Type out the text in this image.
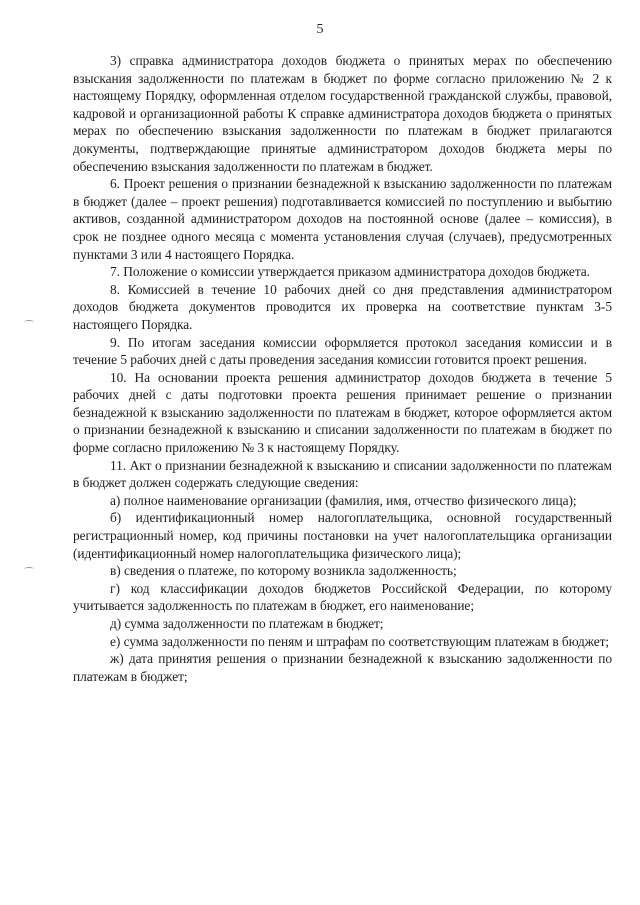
5

3) справка администратора доходов бюджета о принятых мерах по обеспечению взыскания задолженности по платежам в бюджет по форме согласно приложению № 2 к настоящему Порядку, оформленная отделом государственной гражданской службы, правовой, кадровой и организационной работы К справке администратора доходов бюджета о принятых мерах по обеспечению взыскания задолженности по платежам в бюджет прилагаются документы, подтверждающие принятые администратором доходов бюджета меры по обеспечению взыскания задолженности по платежам в бюджет.

6. Проект решения о признании безнадежной к взысканию задолженности по платежам в бюджет (далее – проект решения) подготавливается комиссией по поступлению и выбытию активов, созданной администратором доходов на постоянной основе (далее – комиссия), в срок не позднее одного месяца с момента установления случая (случаев), предусмотренных пунктами 3 или 4 настоящего Порядка.

7. Положение о комиссии утверждается приказом администратора доходов бюджета.

8. Комиссией в течение 10 рабочих дней со дня представления администратором доходов бюджета документов проводится их проверка на соответствие пунктам 3-5 настоящего Порядка.

9. По итогам заседания комиссии оформляется протокол заседания комиссии и в течение 5 рабочих дней с даты проведения заседания комиссии готовится проект решения.

10. На основании проекта решения администратор доходов бюджета в течение 5 рабочих дней с даты подготовки проекта решения принимает решение о признании безнадежной к взысканию задолженности по платежам в бюджет, которое оформляется актом о признании безнадежной к взысканию и списании задолженности по платежам в бюджет по форме согласно приложению № 3 к настоящему Порядку.

11. Акт о признании безнадежной к взысканию и списании задолженности по платежам в бюджет должен содержать следующие сведения:

а) полное наименование организации (фамилия, имя, отчество физического лица);

б) идентификационный номер налогоплательщика, основной государственный регистрационный номер, код причины постановки на учет налогоплательщика организации (идентификационный номер налогоплательщика физического лица);

в) сведения о платеже, по которому возникла задолженность;

г) код классификации доходов бюджетов Российской Федерации, по которому учитывается задолженность по платежам в бюджет, его наименование;

д) сумма задолженности по платежам в бюджет;

е) сумма задолженности по пеням и штрафам по соответствующим платежам в бюджет;

ж) дата принятия решения о признании безнадежной к взысканию задолженности по платежам в бюджет;
